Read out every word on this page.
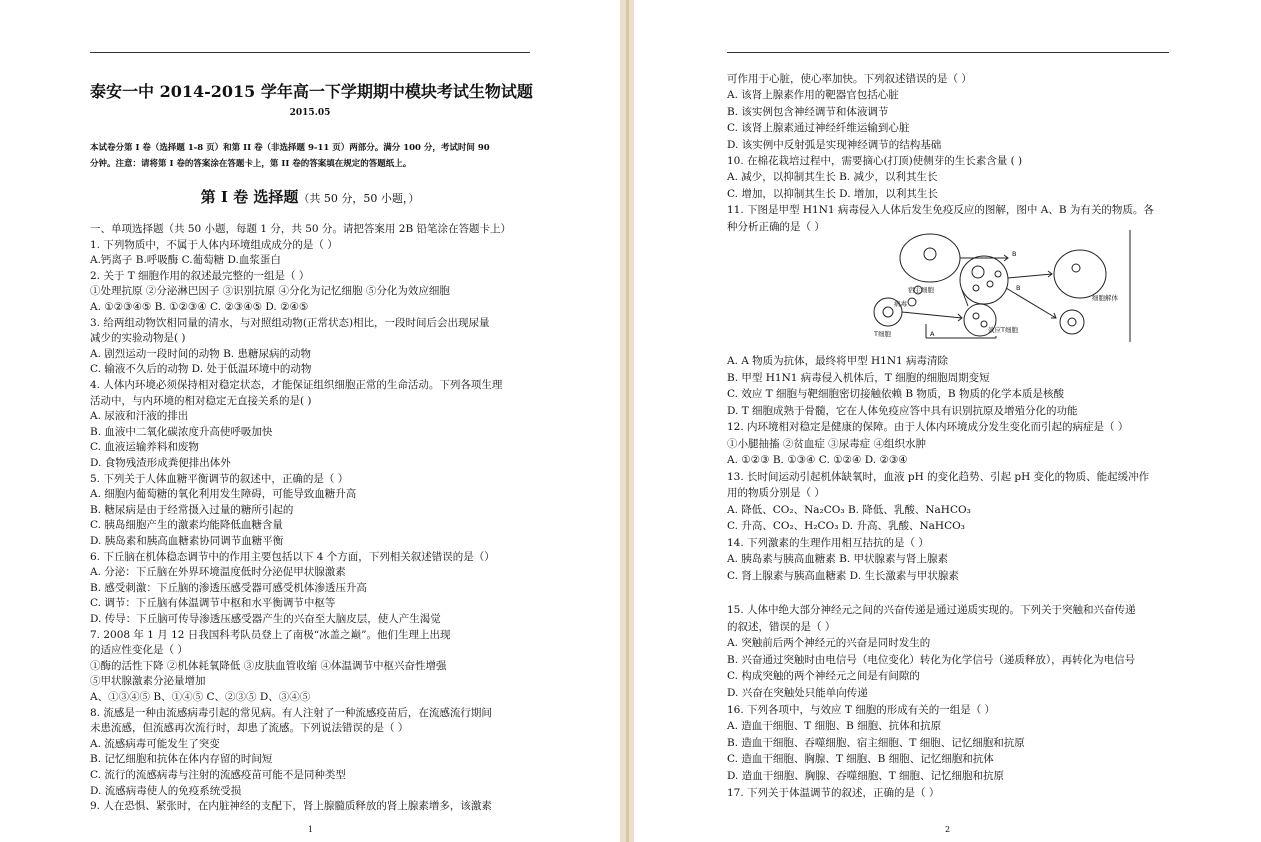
泰安一中 2014-2015 学年高一下学期期中模块考试生物试题
2015.05
本试卷分第 I 卷（选择题 1-8 页）和第 II 卷（非选择题 9-11 页）两部分。满分 100 分，考试时间 90
分钟。注意：请将第 I 卷的答案涂在答题卡上，第 II 卷的答案填在规定的答题纸上。
第 I 卷 选择题（共 50 分，50 小题，）
一、单项选择题（共 50 小题，每题 1 分，共 50 分。请把答案用 2B 铅笔涂在答题卡上）
1. 下列物质中，不属于人体内环境组成成分的是（ ）
A.钙离子 B.呼吸酶 C.葡萄糖 D.血浆蛋白
2. 关于 T 细胞作用的叙述最完整的一组是（ ）
①处理抗原 ②分泌淋巴因子 ③识别抗原 ④分化为记忆细胞 ⑤分化为效应细胞
A. ①②③④⑤ B. ①②③④ C. ②③④⑤ D. ②④⑤
3. 给两组动物饮相同量的清水，与对照组动物(正常状态)相比，一段时间后会出现尿量
减少的实验动物是( )
A. 剧烈运动一段时间的动物 B. 患糖尿病的动物
C. 输液不久后的动物 D. 处于低温环境中的动物
4. 人体内环境必须保持相对稳定状态，才能保证组织细胞正常的生命活动。下列各项生理
活动中，与内环境的相对稳定无直接关系的是( )
A. 尿液和汗液的排出
B. 血液中二氧化碳浓度升高使呼吸加快
C. 血液运输养料和废物
D. 食物残渣形成粪便排出体外
5. 下列关于人体血糖平衡调节的叙述中，正确的是（ ）
A. 细胞内葡萄糖的氧化利用发生障碍，可能导致血糖升高
B. 糖尿病是由于经常摄入过量的糖所引起的
C. 胰岛细胞产生的激素均能降低血糖含量
D. 胰岛素和胰高血糖素协同调节血糖平衡
6. 下丘脑在机体稳态调节中的作用主要包括以下 4 个方面，下列相关叙述错误的是（）
A. 分泌：下丘脑在外界环境温度低时分泌促甲状腺激素
B. 感受刺激：下丘脑的渗透压感受器可感受机体渗透压升高
C. 调节：下丘脑有体温调节中枢和水平衡调节中枢等
D. 传导：下丘脑可传导渗透压感受器产生的兴奋至大脑皮层，使人产生渴觉
7. 2008 年 1 月 12 日我国科考队员登上了南极“冰盖之巅”。他们生理上出现
的适应性变化是（ ）
①酶的活性下降 ②机体耗氧降低 ③皮肤血管收缩 ④体温调节中枢兴奋性增强
⑤甲状腺激素分泌量增加
A、①③④⑤ B、①④⑤ C、②③⑤ D、③④⑤
8. 流感是一种由流感病毒引起的常见病。有人注射了一种流感疫苗后，在流感流行期间
未患流感，但流感再次流行时，却患了流感。下列说法错误的是（ ）
A. 流感病毒可能发生了突变
B. 记忆细胞和抗体在体内存留的时间短
C. 流行的流感病毒与注射的流感疫苗可能不是同种类型
D. 流感病毒使人的免疫系统受损
9. 人在恐惧、紧张时，在内脏神经的支配下，肾上腺髓质释放的肾上腺素增多，该激素
1
可作用于心脏，使心率加快。下列叙述错误的是（ ）
A. 该肾上腺素作用的靶器官包括心脏
B. 该实例包含神经调节和体液调节
C. 该肾上腺素通过神经纤维运输到心脏
D. 该实例中反射弧是实现神经调节的结构基础
10. 在棉花栽培过程中，需要摘心(打顶)使侧芽的生长素含量 ( )
A. 减少，以抑制其生长 B. 减少，以利其生长
C. 增加，以抑制其生长 D. 增加，以利其生长
11. 下图是甲型 H1N1 病毒侵入人体后发生免疫反应的图解，图中 A、B 为有关的物质。各
种分析正确的是（ ）
宿主细胞
病毒
T细胞	效应T细胞
细胞解体
A
B
B
A. A 物质为抗体，最终将甲型 H1N1 病毒清除
B. 甲型 H1N1 病毒侵入机体后，T 细胞的细胞周期变短
C. 效应 T 细胞与靶细胞密切接触依赖 B 物质，B 物质的化学本质是核酸
D. T 细胞成熟于骨髓，它在人体免疫应答中具有识别抗原及增殖分化的功能
12. 内环境相对稳定是健康的保障。由于人体内环境成分发生变化而引起的病症是（ ）
①小腿抽搐 ②贫血症 ③尿毒症 ④组织水肿
A. ①②③ B. ①③④ C. ①②④ D. ②③④
13. 长时间运动引起机体缺氧时，血液 pH 的变化趋势、引起 pH 变化的物质、能起缓冲作
用的物质分别是（ ）
A. 降低、CO₂、Na₂CO₃ B. 降低、乳酸、NaHCO₃
C. 升高、CO₂、H₂CO₃ D. 升高、乳酸、NaHCO₃
14. 下列激素的生理作用相互拮抗的是（ ）
A. 胰岛素与胰高血糖素 B. 甲状腺素与肾上腺素
C. 肾上腺素与胰高血糖素 D. 生长激素与甲状腺素
15. 人体中绝大部分神经元之间的兴奋传递是通过递质实现的。下列关于突触和兴奋传递
的叙述，错误的是（ ）
A. 突触前后两个神经元的兴奋是同时发生的
B. 兴奋通过突触时由电信号（电位变化）转化为化学信号（递质释放），再转化为电信号
C. 构成突触的两个神经元之间是有间隙的
D. 兴奋在突触处只能单向传递
16. 下列各项中，与效应 T 细胞的形成有关的一组是（ ）
A. 造血干细胞、T 细胞、B 细胞、抗体和抗原
B. 造血干细胞、吞噬细胞、宿主细胞、T 细胞、记忆细胞和抗原
C. 造血干细胞、胸腺、T 细胞、B 细胞、记忆细胞和抗体
D. 造血干细胞、胸腺、吞噬细胞、T 细胞、记忆细胞和抗原
17. 下列关于体温调节的叙述，正确的是（ ）
2
